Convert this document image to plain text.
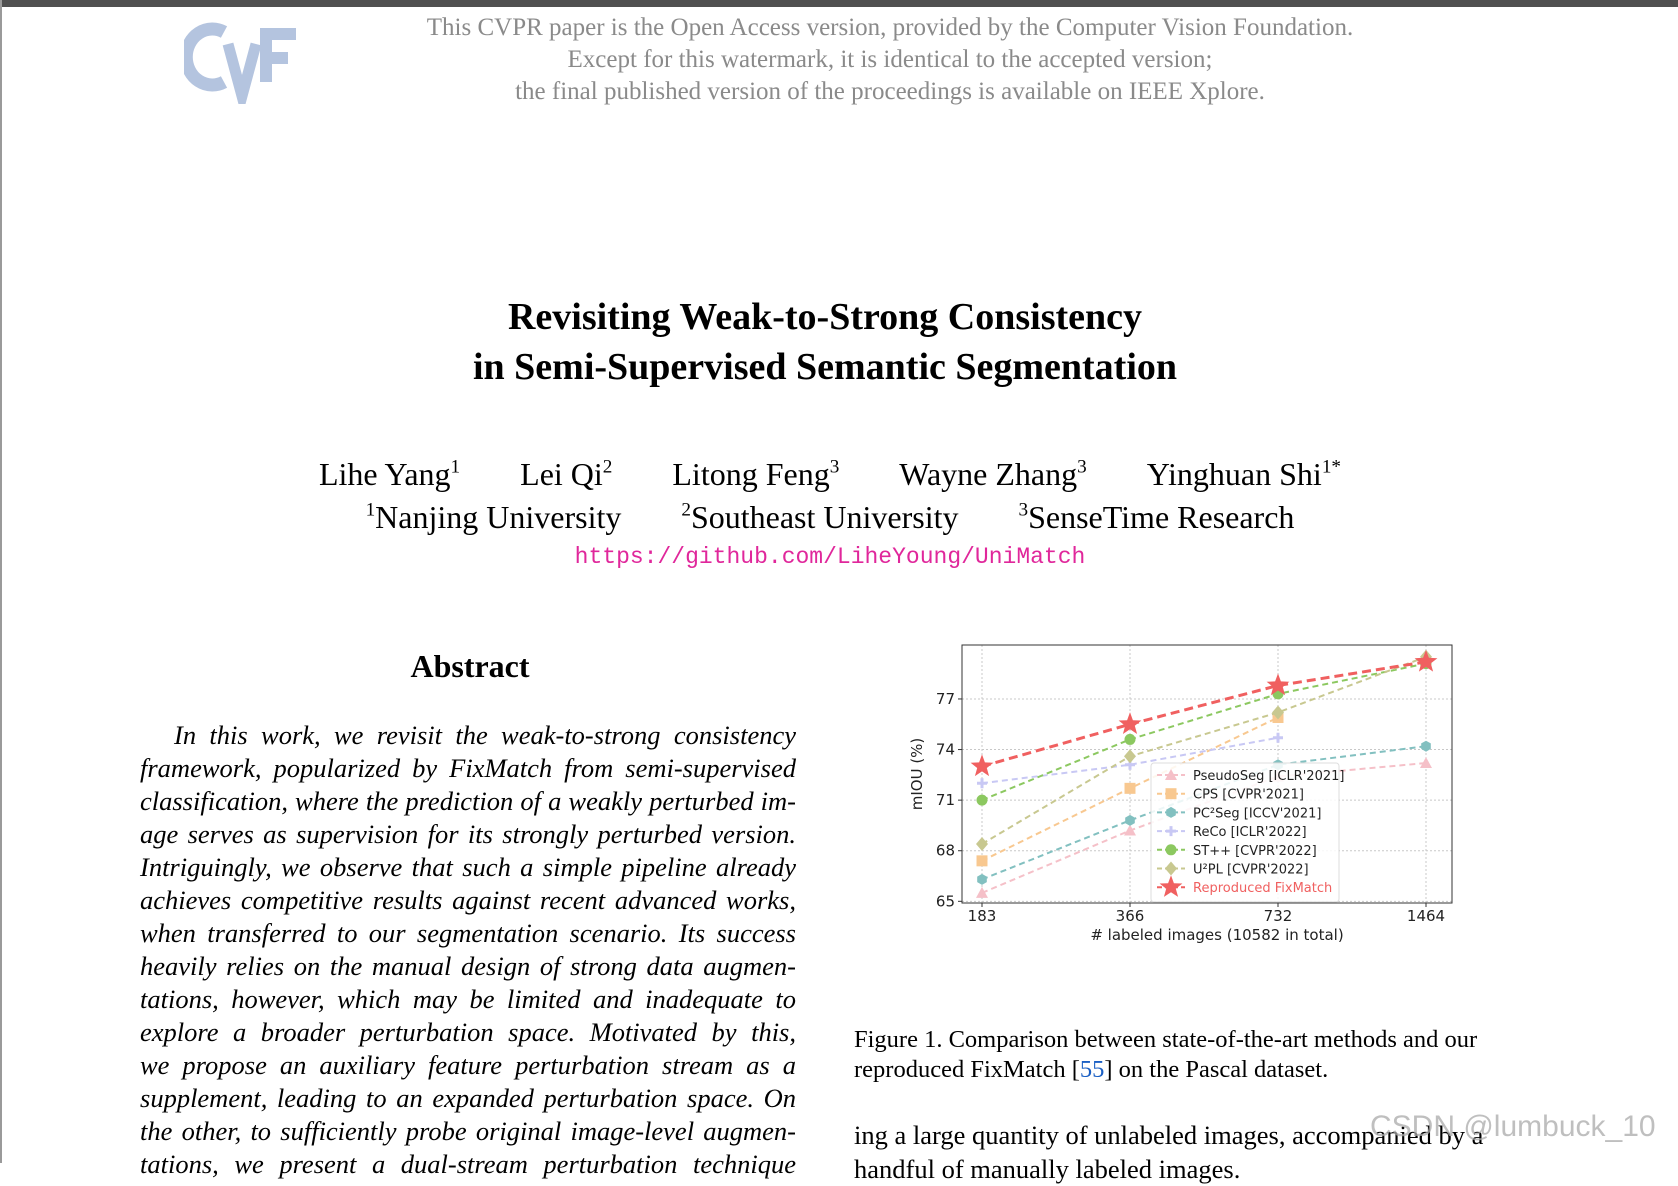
This CVPR paper is the Open Access version, provided by the Computer Vision Foundation.
Except for this watermark, it is identical to the accepted version;
the final published version of the proceedings is available on IEEE Xplore.
Revisiting Weak-to-Strong Consistency
in Semi-Supervised Semantic Segmentation
Lihe Yang$^1$ Lei Qi$^2$ Litong Feng$^3$ Wayne Zhang$^3$ Yinghuan Shi$^{1*}$
$^1$Nanjing University	$^2$Southeast University	$^3$SenseTime Research
https://github.com/LiheYoung/UniMatch
Abstract
In this work, we revisit the weak-to-strong consistency
framework, popularized by FixMatch from semi-supervised
classification, where the prediction of a weakly perturbed im-
age serves as supervision for its strongly perturbed version.
Intriguingly, we observe that such a simple pipeline already
achieves competitive results against recent advanced works,
when transferred to our segmentation scenario. Its success
heavily relies on the manual design of strong data augmen-
tations, however, which may be limited and inadequate to
explore a broader perturbation space. Motivated by this,
we propose an auxiliary feature perturbation stream as a
supplement, leading to an expanded perturbation space. On
the other, to sufficiently probe original image-level augmen-
tations, we present a dual-stream perturbation technique
65
68
71
74
77
183	366	732	1464
# labeled images (10582 in total)
mIOU (%)	PseudoSeg [ICLR'2021]
CPS [CVPR'2021]
PC²Seg [ICCV'2021]
ReCo [ICLR'2022]
ST++ [CVPR'2022]
U²PL [CVPR'2022]
Reproduced FixMatch
Figure 1. Comparison between state-of-the-art methods and our
reproduced FixMatch [55] on the Pascal dataset.
ing a large quantity of unlabeled images, accompanied by a
handful of manually labeled images.
CSDN @lumbuck_10
